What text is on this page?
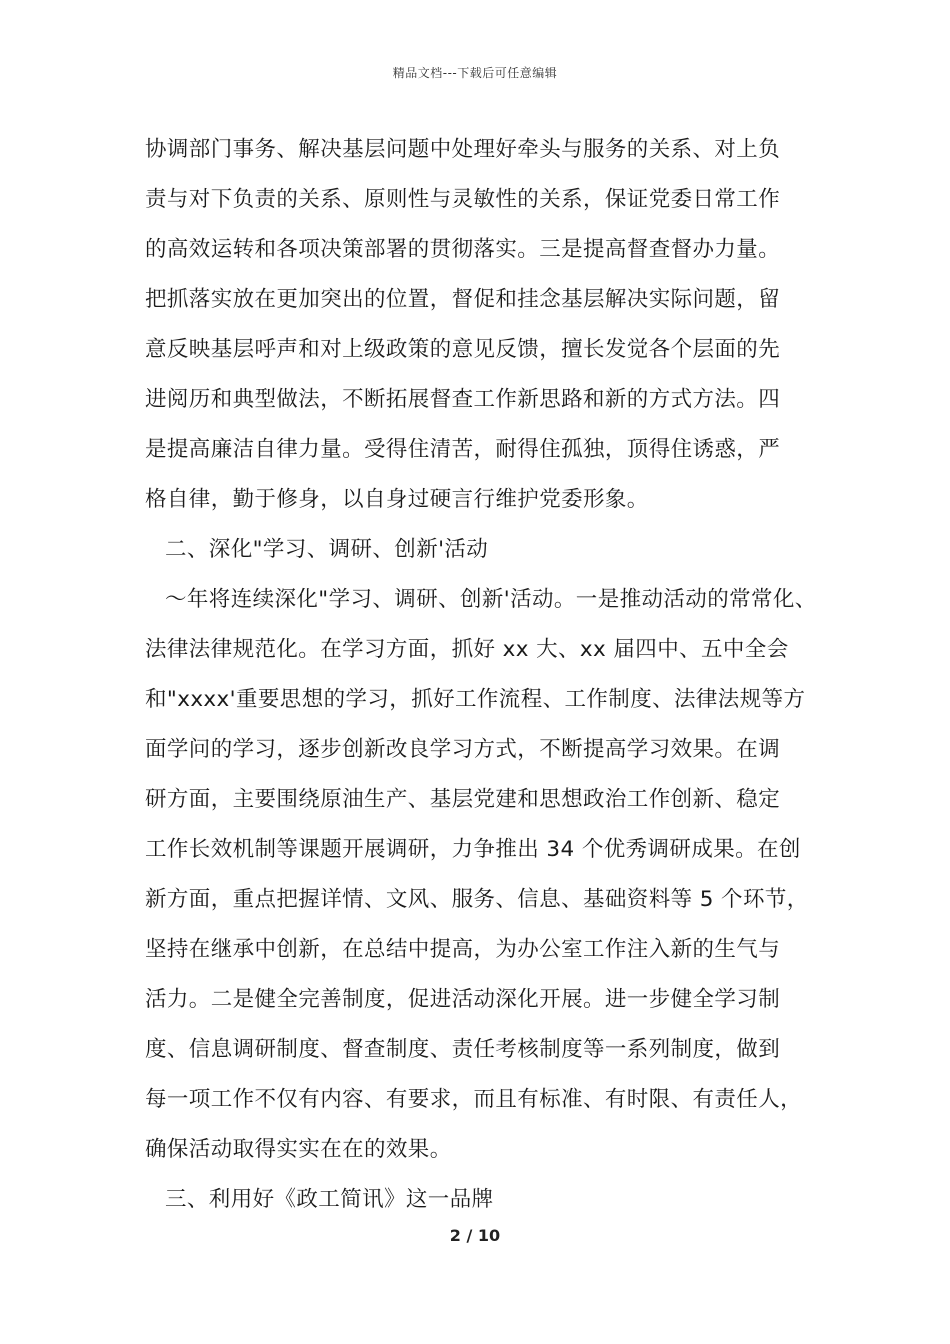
精品文档---下载后可任意编辑
协调部门事务、解决基层问题中处理好牵头与服务的关系、对上负
责与对下负责的关系、原则性与灵敏性的关系，保证党委日常工作
的高效运转和各项决策部署的贯彻落实。三是提高督查督办力量。
把抓落实放在更加突出的位置，督促和挂念基层解决实际问题，留
意反映基层呼声和对上级政策的意见反馈，擅长发觉各个层面的先
进阅历和典型做法，不断拓展督查工作新思路和新的方式方法。四
是提高廉洁自律力量。受得住清苦，耐得住孤独，顶得住诱惑，严
格自律，勤于修身，以自身过硬言行维护党委形象。
二、深化"学习、调研、创新'活动
～年将连续深化"学习、调研、创新'活动。一是推动活动的常常化、
法律法律规范化。在学习方面，抓好 xx 大、xx 届四中、五中全会
和"xxxx'重要思想的学习，抓好工作流程、工作制度、法律法规等方
面学问的学习，逐步创新改良学习方式，不断提高学习效果。在调
研方面，主要围绕原油生产、基层党建和思想政治工作创新、稳定
工作长效机制等课题开展调研，力争推出 34 个优秀调研成果。在创
新方面，重点把握详情、文风、服务、信息、基础资料等 5 个环节，
坚持在继承中创新，在总结中提高，为办公室工作注入新的生气与
活力。二是健全完善制度，促进活动深化开展。进一步健全学习制
度、信息调研制度、督查制度、责任考核制度等一系列制度，做到
每一项工作不仅有内容、有要求，而且有标准、有时限、有责任人，
确保活动取得实实在在的效果。
三、利用好《政工简讯》这一品牌
2 / 10
